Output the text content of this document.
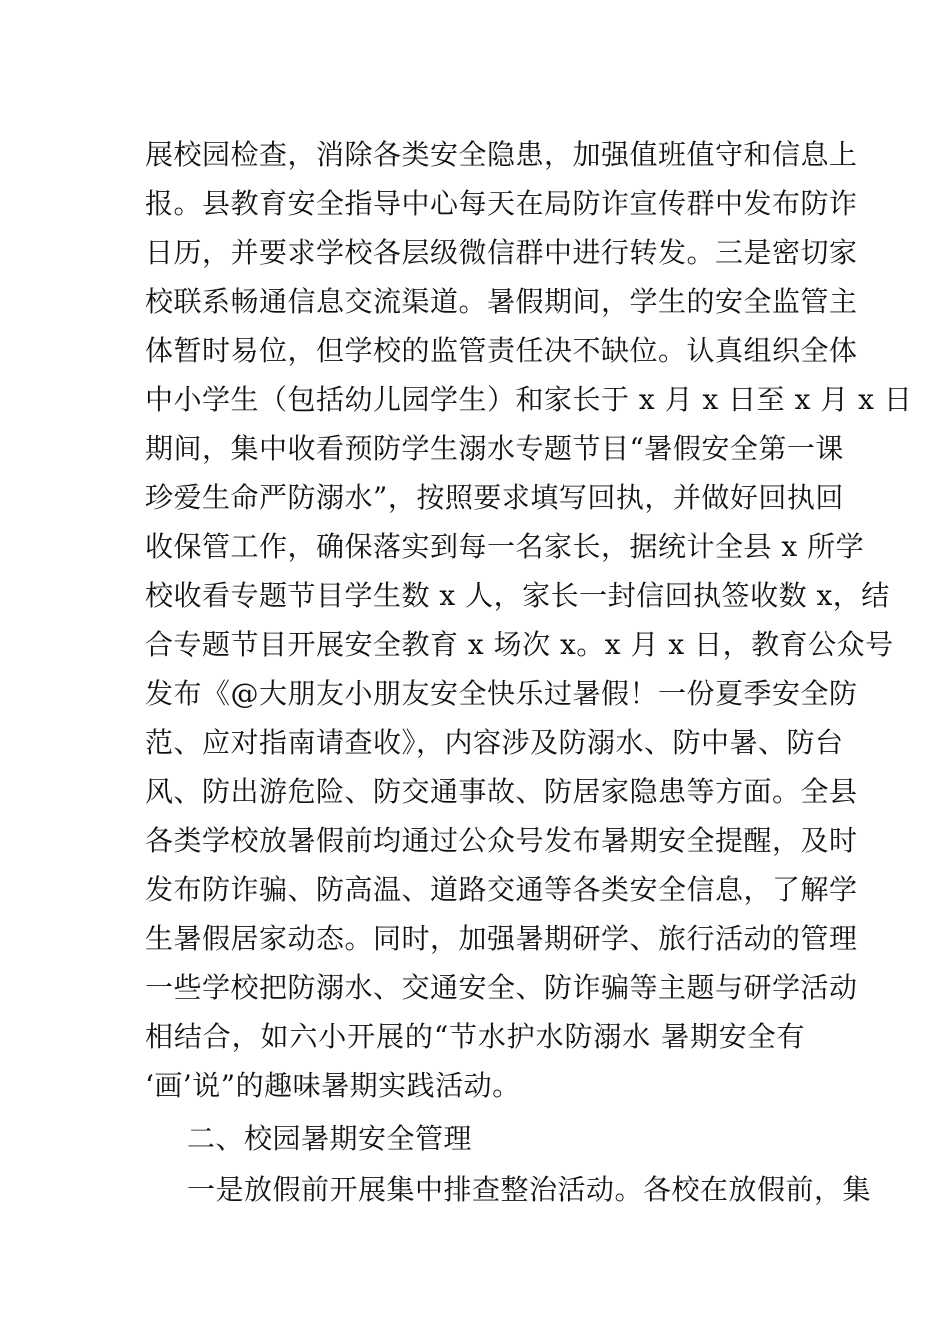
展校园检查，消除各类安全隐患，加强值班值守和信息上

报。县教育安全指导中心每天在局防诈宣传群中发布防诈

日历，并要求学校各层级微信群中进行转发。三是密切家

校联系畅通信息交流渠道。暑假期间，学生的安全监管主

体暂时易位，但学校的监管责任决不缺位。认真组织全体

中小学生（包括幼儿园学生）和家长于 x 月 x 日至 x 月 x 日

期间，集中收看预防学生溺水专题节目“暑假安全第一课

珍爱生命严防溺水”，按照要求填写回执，并做好回执回

收保管工作，确保落实到每一名家长，据统计全县 x 所学

校收看专题节目学生数 x 人，家长一封信回执签收数 x，结

合专题节目开展安全教育 x 场次 x。x 月 x 日，教育公众号

发布《@大朋友小朋友安全快乐过暑假！一份夏季安全防

范、应对指南请查收》，内容涉及防溺水、防中暑、防台

风、防出游危险、防交通事故、防居家隐患等方面。全县

各类学校放暑假前均通过公众号发布暑期安全提醒，及时

发布防诈骗、防高温、道路交通等各类安全信息，了解学

生暑假居家动态。同时，加强暑期研学、旅行活动的管理

一些学校把防溺水、交通安全、防诈骗等主题与研学活动

相结合，如六小开展的“节水护水防溺水 暑期安全有

‘画’说”的趣味暑期实践活动。

二、校园暑期安全管理

一是放假前开展集中排查整治活动。各校在放假前，集
